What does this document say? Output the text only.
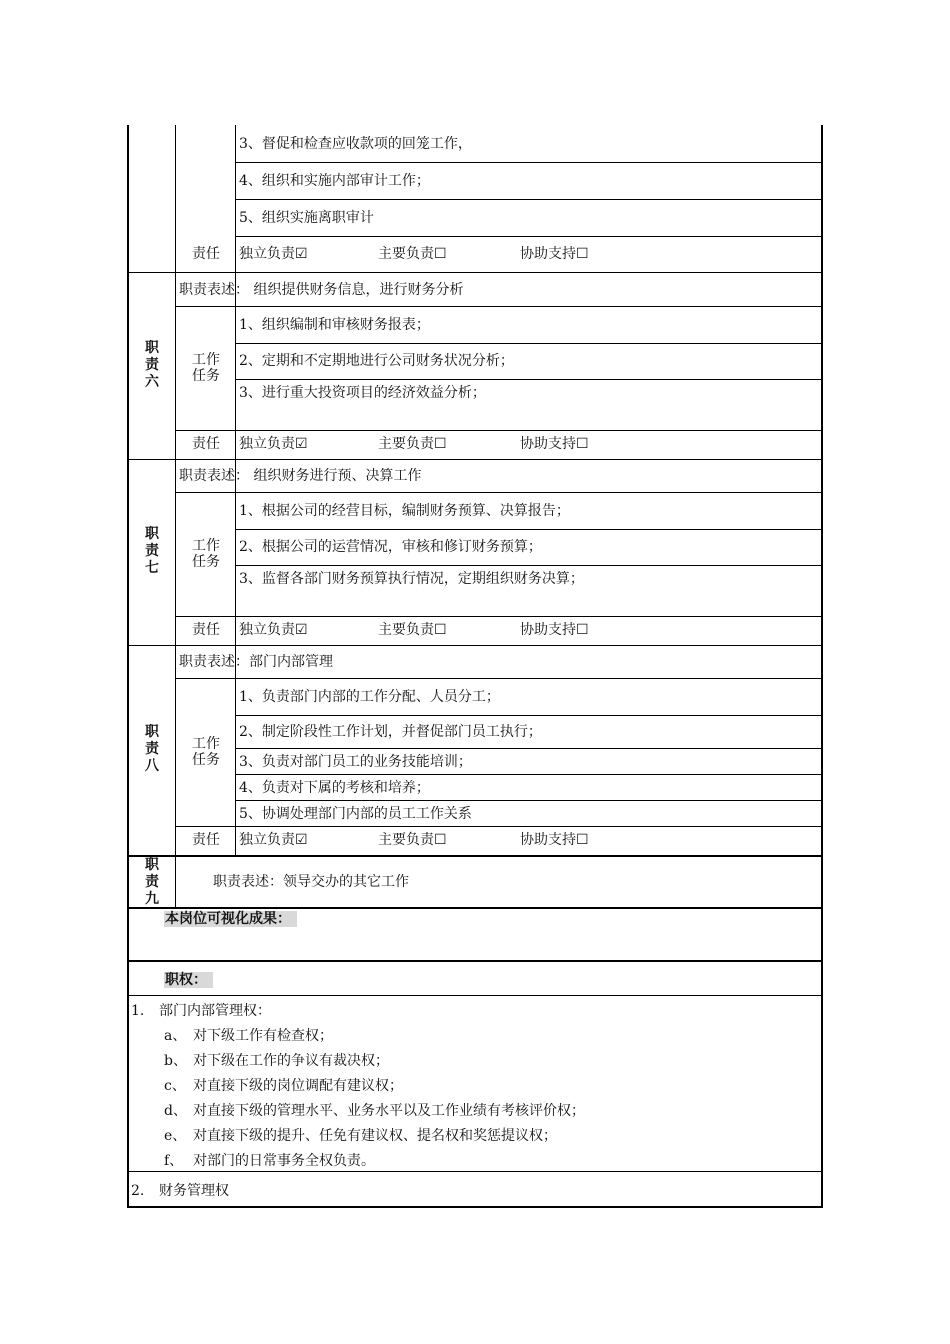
3、督促和检查应收款项的回笼工作，
4、组织和实施内部审计工作；
5、组织实施离职审计
责任	独立负责☑	主要负责☐	协助支持☐
职
责
六
职责表述： 组织提供财务信息，进行财务分析
工作
任务
1、组织编制和审核财务报表；
2、定期和不定期地进行公司财务状况分析；
3、进行重大投资项目的经济效益分析；
责任	独立负责☑	主要负责☐	协助支持☐
职
责
七
职责表述： 组织财务进行预、决算工作
工作
任务
1、根据公司的经营目标，编制财务预算、决算报告；
2、根据公司的运营情况，审核和修订财务预算；
3、监督各部门财务预算执行情况，定期组织财务决算；
责任	独立负责☑	主要负责☐	协助支持☐
职
责
八
职责表述：部门内部管理
工作
任务
1、负责部门内部的工作分配、人员分工；
2、制定阶段性工作计划，并督促部门员工执行；
3、负责对部门员工的业务技能培训；
4、负责对下属的考核和培养；
5、协调处理部门内部的员工工作关系
责任	独立负责☑	主要负责☐	协助支持☐
职
责
九
职责表述：领导交办的其它工作
本岗位可视化成果：
职权：
1. 部门内部管理权：
a、 对下级工作有检查权；
b、 对下级在工作的争议有裁决权；
c、 对直接下级的岗位调配有建议权；
d、 对直接下级的管理水平、业务水平以及工作业绩有考核评价权；
e、 对直接下级的提升、任免有建议权、提名权和奖惩提议权；
f、 对部门的日常事务全权负责。
2. 财务管理权
